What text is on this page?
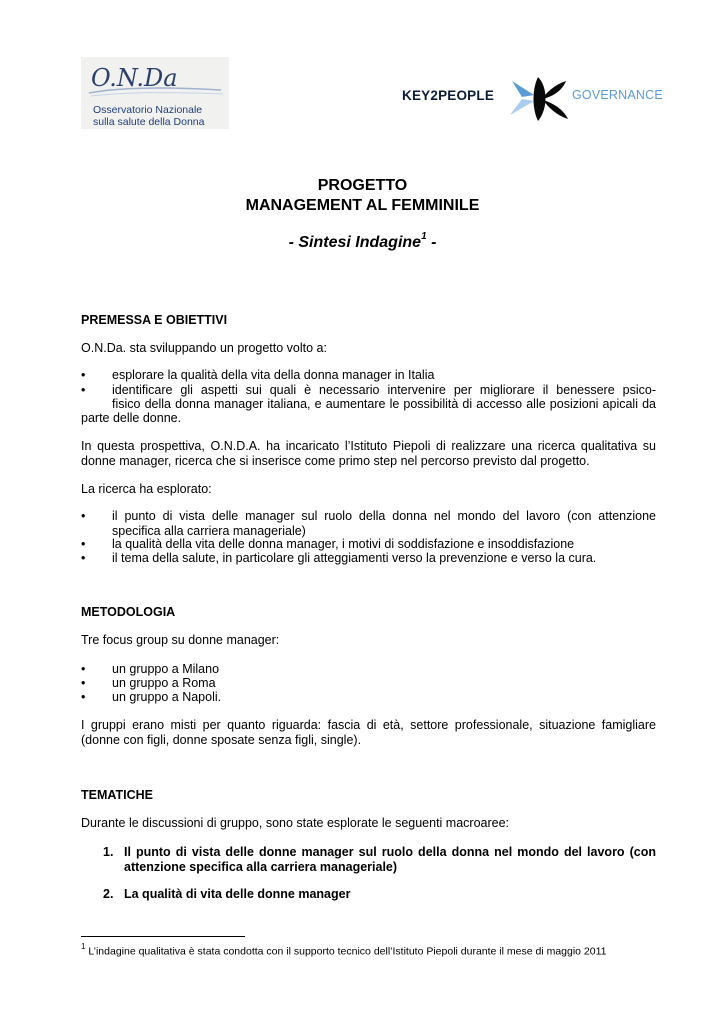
O.N.Da
Osservatorio Nazionale
sulla salute della Donna
KEY2PEOPLE	GOVERNANCE
PROGETTO
MANAGEMENT AL FEMMINILE
- Sintesi Indagine$^1$ -
PREMESSA E OBIETTIVI
O.N.Da. sta sviluppando un progetto volto a:
• esplorare la qualità della vita della donna manager in Italia
• identificare gli aspetti sui quali è necessario intervenire per migliorare il benessere psico-
fisico della donna manager italiana, e aumentare le possibilità di accesso alle posizioni apicali da
parte delle donne.
In questa prospettiva, O.N.D.A. ha incaricato l’Istituto Piepoli di realizzare una ricerca qualitativa su donne manager, ricerca che si inserisce come primo step nel percorso previsto dal progetto.
La ricerca ha esplorato:
• il punto di vista delle manager sul ruolo della donna nel mondo del lavoro (con attenzione specifica alla carriera manageriale)
• la qualità della vita delle donna manager, i motivi di soddisfazione e insoddisfazione
• il tema della salute, in particolare gli atteggiamenti verso la prevenzione e verso la cura.
METODOLOGIA
Tre focus group su donne manager:
• un gruppo a Milano
• un gruppo a Roma
• un gruppo a Napoli.
I gruppi erano misti per quanto riguarda: fascia di età, settore professionale, situazione famigliare (donne con figli, donne sposate senza figli, single).
TEMATICHE
Durante le discussioni di gruppo, sono state esplorate le seguenti macroaree:
1. Il punto di vista delle donne manager sul ruolo della donna nel mondo del lavoro (con attenzione specifica alla carriera manageriale)
2. La qualità di vita delle donne manager
$^1$ L’indagine qualitativa è stata condotta con il supporto tecnico dell’Istituto Piepoli durante il mese di maggio 2011
